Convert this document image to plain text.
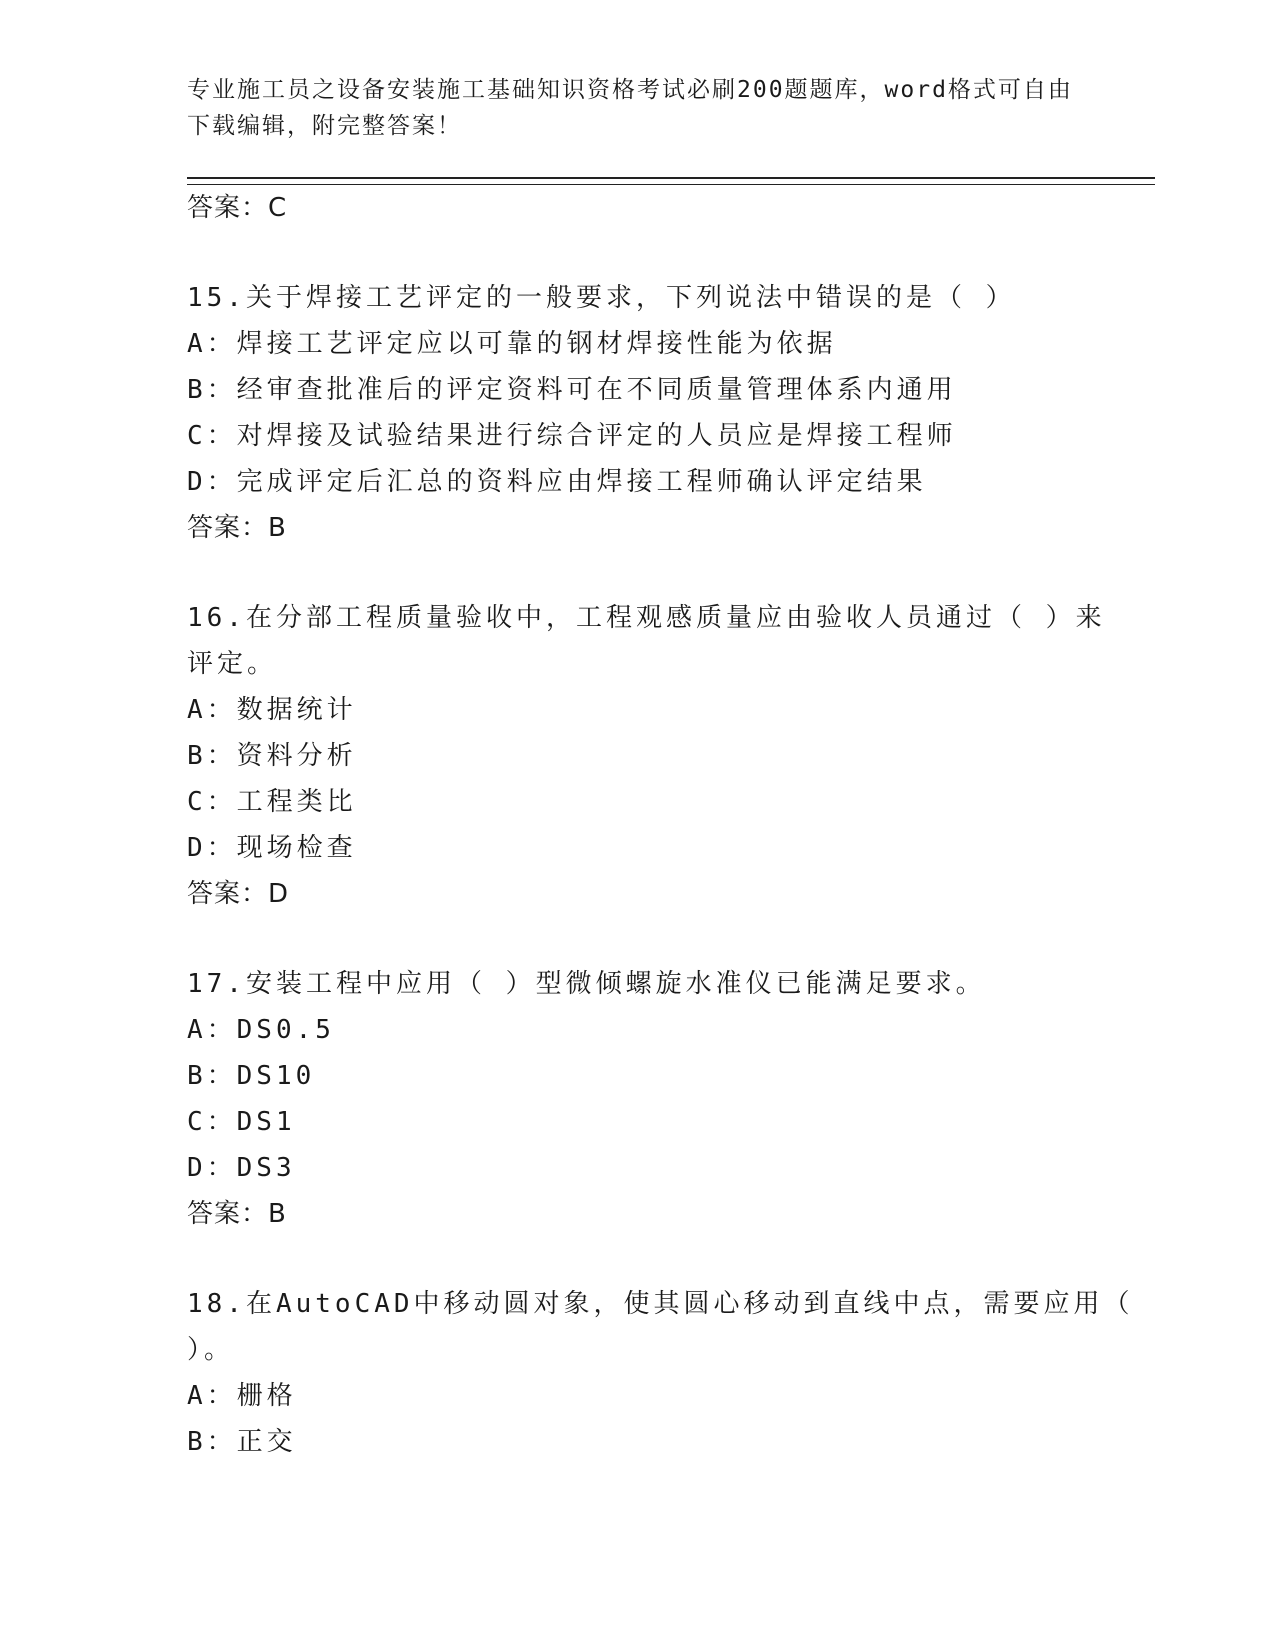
专业施工员之设备安装施工基础知识资格考试必刷200题题库，word格式可自由
下载编辑，附完整答案！
答案：C
15.关于焊接工艺评定的一般要求，下列说法中错误的是（ ）
A：焊接工艺评定应以可靠的钢材焊接性能为依据
B：经审查批准后的评定资料可在不同质量管理体系内通用
C：对焊接及试验结果进行综合评定的人员应是焊接工程师
D：完成评定后汇总的资料应由焊接工程师确认评定结果
答案：B
16.在分部工程质量验收中，工程观感质量应由验收人员通过（ ）来
评定。
A：数据统计
B：资料分析
C：工程类比
D：现场检查
答案：D
17.安装工程中应用（ ）型微倾螺旋水准仪已能满足要求。
A：DS0.5
B：DS10
C：DS1
D：DS3
答案：B
18.在AutoCAD中移动圆对象，使其圆心移动到直线中点，需要应用（
）。
A：栅格
B：正交
